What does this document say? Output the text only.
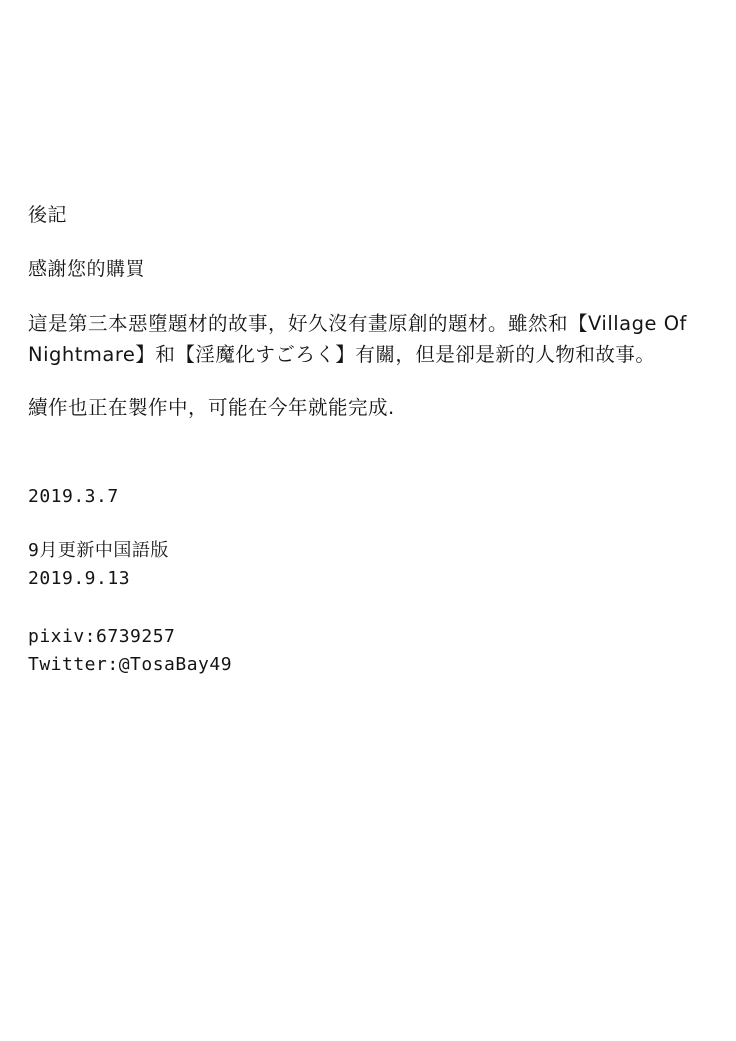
後記
感謝您的購買
這是第三本惡墮題材的故事，好久沒有畫原創的題材。雖然和【Village Of Nightmare】和【淫魔化すごろく】有關，但是卻是新的人物和故事。
續作也正在製作中，可能在今年就能完成.
2019.3.7
9月更新中国語版
2019.9.13
pixiv:6739257
Twitter:@TosaBay49
